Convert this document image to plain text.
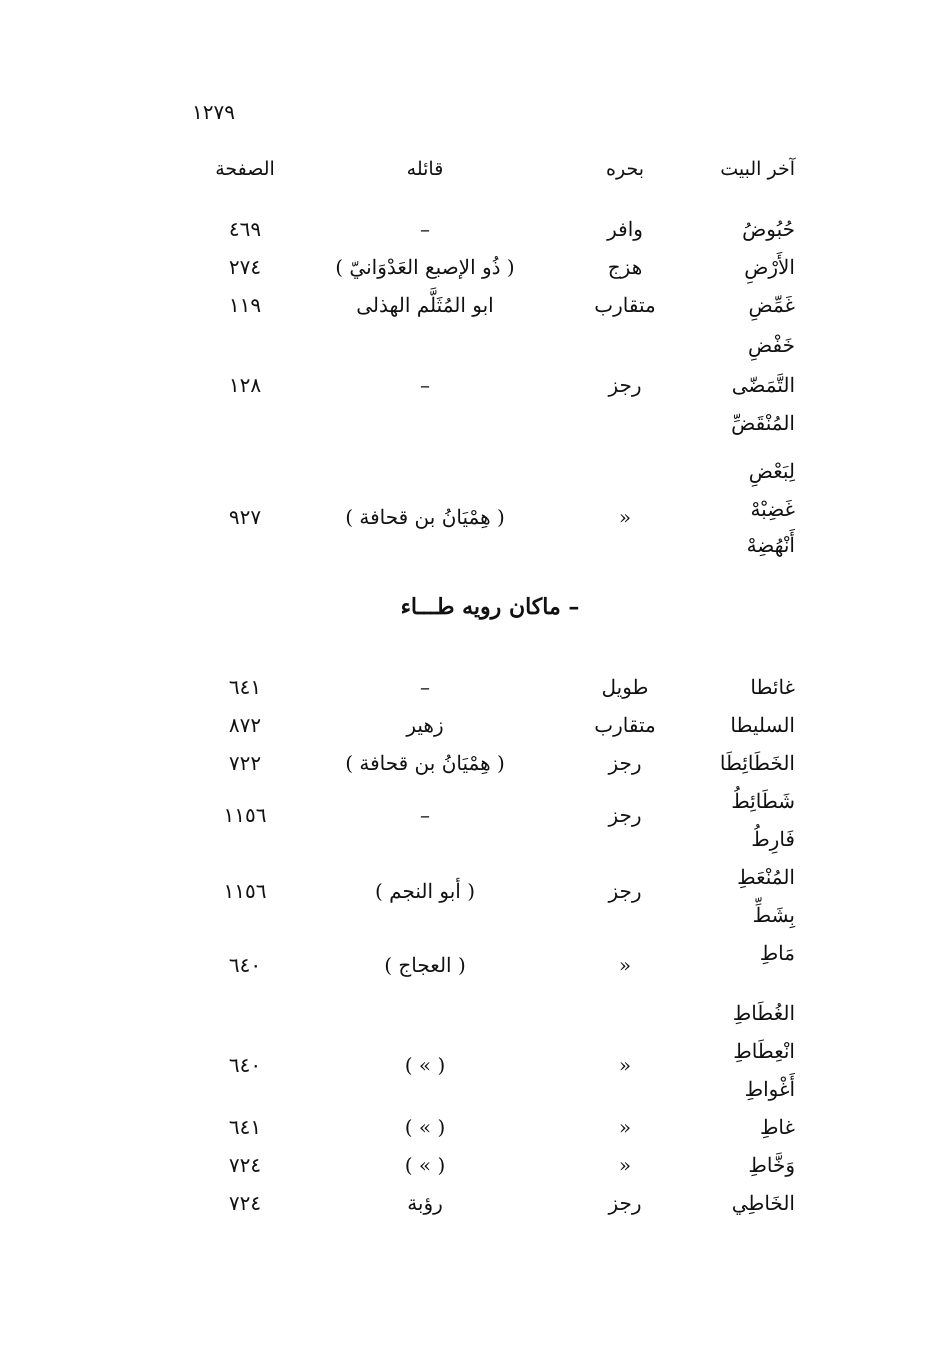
١٢٧٩
آخر البيت
بحره
قائله
الصفحة
حُبُوضُ
وافر
–
٤٦٩
الأَرْضِ
هزج
( ذُو الإصبع العَدْوَانيّ )
٢٧٤
غَمِّضِ
متقارب
ابو المُثَلَّم الهذلى
١١٩
خَفْضِ
التَّمَضّى
رجز
–
١٢٨
المُنْقَضِّ
لِبَعْضِ
غَضِبْهْ
»
( هِمْيَانُ بن قحافة )
٩٢٧
أَنْهُضِهْ
– ماكان رويه طـــاء
غائطا
طويل
–
٦٤١
السليطا
متقارب
زهير
٨٧٢
الخَطَائِطَا
رجز
( هِمْيَانُ بن قحافة )
٧٢٢
شَطَائِطُ
رجز
–
١١٥٦
فَارِطُ
المُنْعَطِ
رجز
( أبو النجم )
١١٥٦
بِشَطِّ
مَاطِ
»
( العجاج )
٦٤٠
الغُطَاطِ
انْعِطَاطِ
»
( » )
٦٤٠
أَغْواطِ
غاطِ
»
( » )
٦٤١
وَخَّاطِ
»
( » )
٧٢٤
الخَاطِي
رجز
رؤبة
٧٢٤
